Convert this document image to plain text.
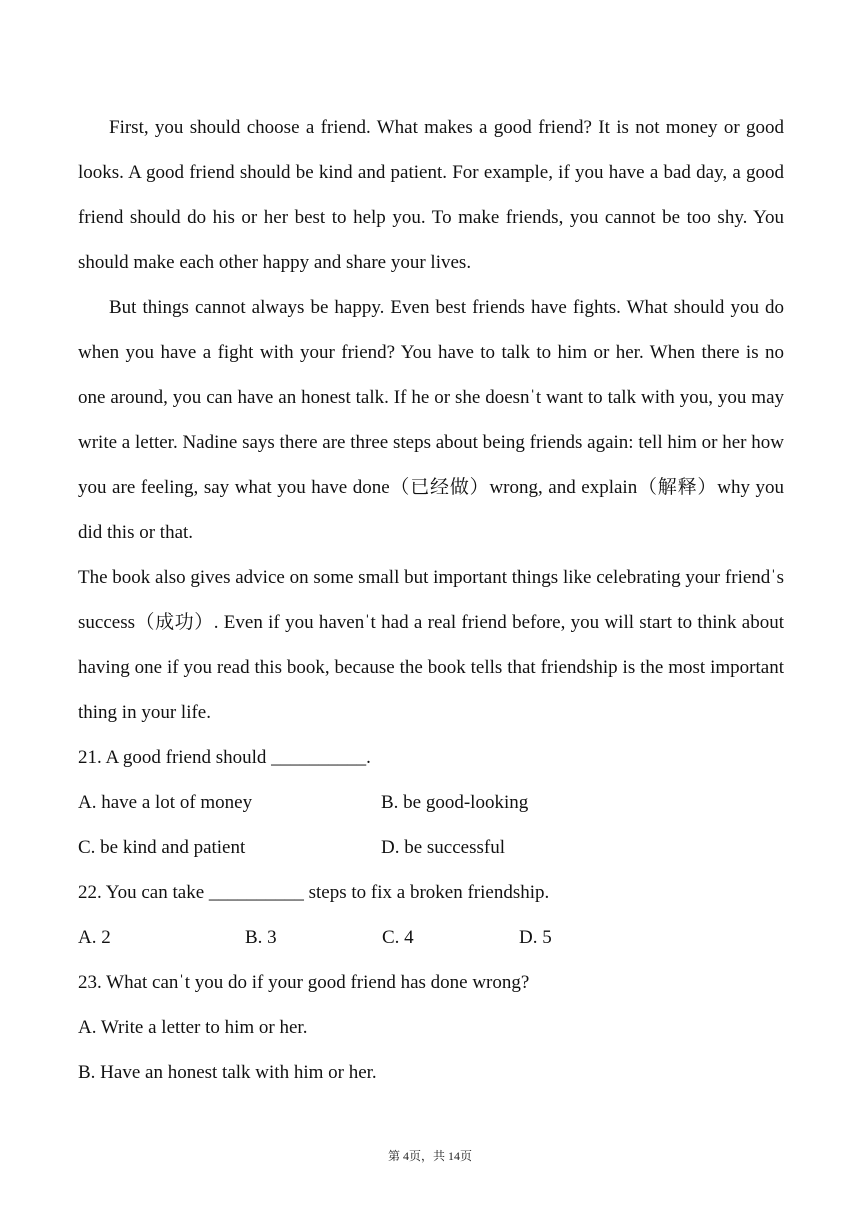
First, you should choose a friend. What makes a good friend? It is not money or good looks. A good friend should be kind and patient. For example, if you have a bad day, a good friend should do his or her best to help you. To make friends, you cannot be too shy. You should make each other happy and share your lives.

But things cannot always be happy. Even best friends have fights. What should you do when you have a fight with your friend? You have to talk to him or her. When there is no one around, you can have an honest talk. If he or she doesnˈt want to talk with you, you may write a letter. Nadine says there are three steps about being friends again: tell him or her how you are feeling, say what you have done（已经做）wrong, and explain（解释）why you did this or that.

The book also gives advice on some small but important things like celebrating your friendˈs success（成功）. Even if you havenˈt had a real friend before, you will start to think about having one if you read this book, because the book tells that friendship is the most important thing in your life.

21. A good friend should __________.

A. have a lot of money	B. be good-looking
C. be kind and patient	D. be successful

22. You can take __________ steps to fix a broken friendship.

A. 2	B. 3	C. 4	D. 5

23. What canˈt you do if your good friend has done wrong?

A. Write a letter to him or her.

B. Have an honest talk with him or her.

第 4页，共 14页
